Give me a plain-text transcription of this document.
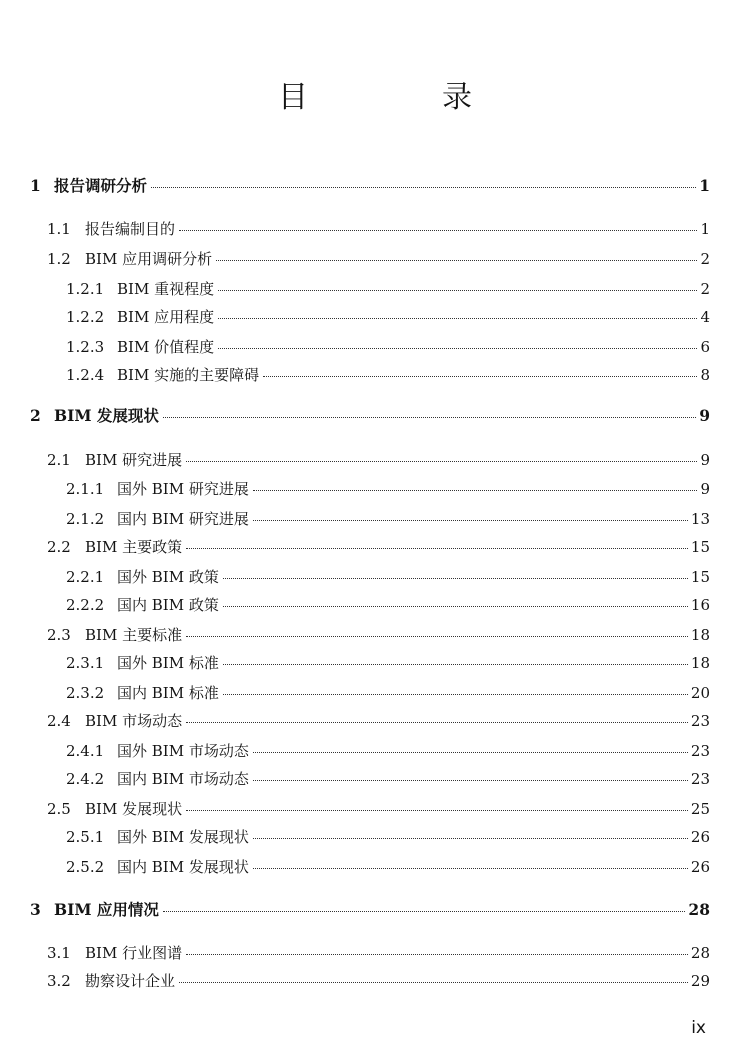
目　录
1 报告调研分析	1
1.1 报告编制目的	1
1.2 BIM 应用调研分析	2
1.2.1 BIM 重视程度	2
1.2.2 BIM 应用程度	4
1.2.3 BIM 价值程度	6
1.2.4 BIM 实施的主要障碍	8
2 BIM 发展现状	9
2.1 BIM 研究进展	9
2.1.1 国外 BIM 研究进展	9
2.1.2 国内 BIM 研究进展	13
2.2 BIM 主要政策	15
2.2.1 国外 BIM 政策	15
2.2.2 国内 BIM 政策	16
2.3 BIM 主要标准	18
2.3.1 国外 BIM 标准	18
2.3.2 国内 BIM 标准	20
2.4 BIM 市场动态	23
2.4.1 国外 BIM 市场动态	23
2.4.2 国内 BIM 市场动态	23
2.5 BIM 发展现状	25
2.5.1 国外 BIM 发展现状	26
2.5.2 国内 BIM 发展现状	26
3 BIM 应用情况	28
3.1 BIM 行业图谱	28
3.2 勘察设计企业	29
ix
